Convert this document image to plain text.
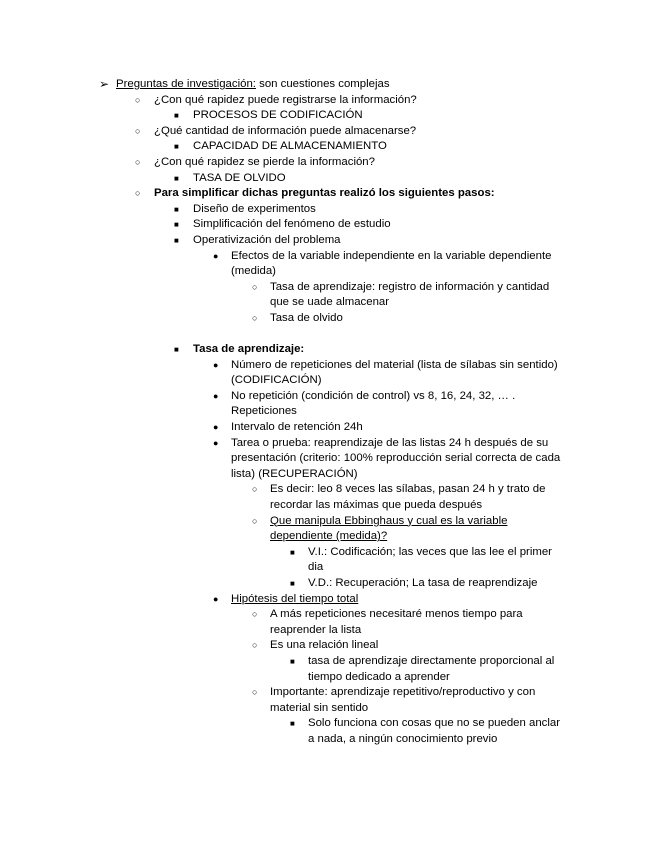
➢ Preguntas de investigación: son cuestiones complejas
○ ¿Con qué rapidez puede registrarse la información?
■ PROCESOS DE CODIFICACIÓN
○ ¿Qué cantidad de información puede almacenarse?
■ CAPACIDAD DE ALMACENAMIENTO
○ ¿Con qué rapidez se pierde la información?
■ TASA DE OLVIDO
○ Para simplificar dichas preguntas realizó los siguientes pasos:
■ Diseño de experimentos
■ Simplificación del fenómeno de estudio
■ Operativización del problema
● Efectos de la variable independiente en la variable dependiente
(medida)
○ Tasa de aprendizaje: registro de información y cantidad
que se uade almacenar
○ Tasa de olvido
■ Tasa de aprendizaje:
● Número de repeticiones del material (lista de sílabas sin sentido)
(CODIFICACIÓN)
● No repetición (condición de control) vs 8, 16, 24, 32, … .
Repeticiones
● Intervalo de retención 24h
● Tarea o prueba: reaprendizaje de las listas 24 h después de su
presentación (criterio: 100% reproducción serial correcta de cada
lista) (RECUPERACIÓN)
○ Es decir: leo 8 veces las sílabas, pasan 24 h y trato de
recordar las máximas que pueda después
○ Que manipula Ebbinghaus y cual es la variable
dependiente (medida)?
■ V.I.: Codificación; las veces que las lee el primer
dia
■ V.D.: Recuperación; La tasa de reaprendizaje
● Hipótesis del tiempo total
○ A más repeticiones necesitaré menos tiempo para
reaprender la lista
○ Es una relación lineal
■ tasa de aprendizaje directamente proporcional al
tiempo dedicado a aprender
○ Importante: aprendizaje repetitivo/reproductivo y con
material sin sentido
■ Solo funciona con cosas que no se pueden anclar
a nada, a ningún conocimiento previo
